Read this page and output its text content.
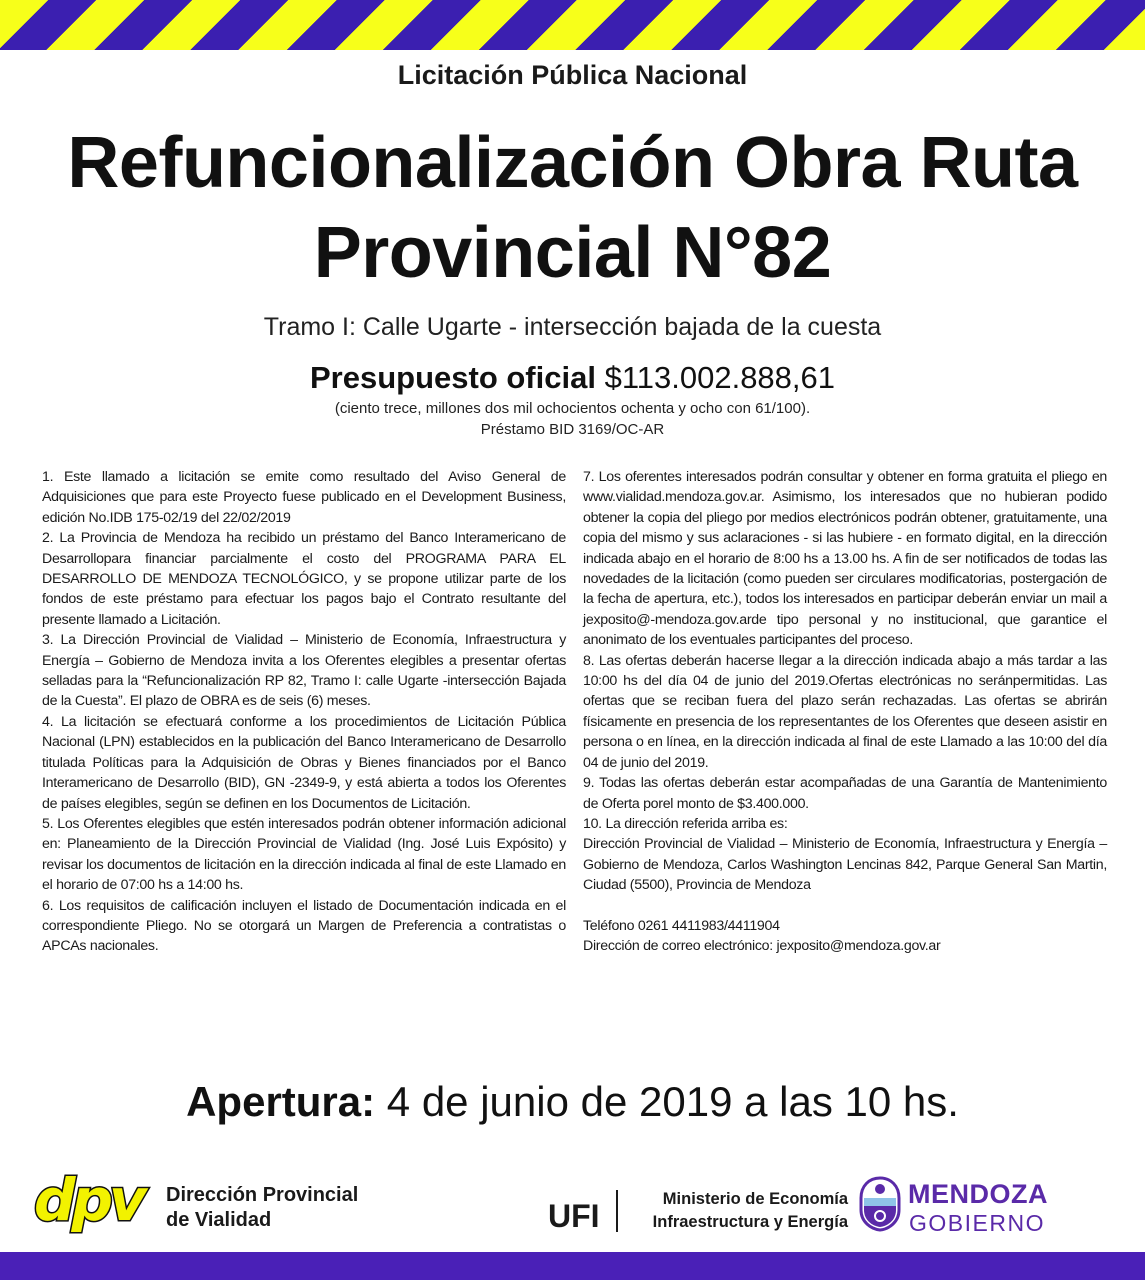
Licitación Pública Nacional
Refuncionalización Obra Ruta
Provincial N°82
Tramo I: Calle Ugarte - intersección bajada de la cuesta
Presupuesto oficial $113.002.888,61
(ciento trece, millones dos mil ochocientos ochenta y ocho con 61/100).
Préstamo BID 3169/OC-AR

1. Este llamado a licitación se emite como resultado del Aviso General de Adquisiciones que para este Proyecto fuese publicado en el Development Business, edición No.IDB 175-02/19 del 22/02/2019

2. La Provincia de Mendoza ha recibido un préstamo del Banco Interamericano de Desarrollopara financiar parcialmente el costo del PROGRAMA PARA EL DESARROLLO DE MENDOZA TECNOLÓGICO, y se propone utilizar parte de los fondos de este préstamo para efectuar los pagos bajo el Contrato resultante del presente llamado a Licitación.

3. La Dirección Provincial de Vialidad – Ministerio de Economía, Infraestructura y Energía – Gobierno de Mendoza invita a los Oferentes elegibles a presentar ofertas selladas para la “Refuncionalización RP 82, Tramo I: calle Ugarte -intersección Bajada de la Cuesta”. El plazo de OBRA es de seis (6) meses.

4. La licitación se efectuará conforme a los procedimientos de Licitación Pública Nacional (LPN) establecidos en la publicación del Banco Interamericano de Desarrollo titulada Políticas para la Adquisición de Obras y Bienes financiados por el Banco Interamericano de Desarrollo (BID), GN -2349-9, y está abierta a todos los Oferentes de países elegibles, según se definen en los Documentos de Licitación.

5. Los Oferentes elegibles que estén interesados podrán obtener información adicional en: Planeamiento de la Dirección Provincial de Vialidad (Ing. José Luis Expósito) y revisar los documentos de licitación en la dirección indicada al final de este Llamado en el horario de 07:00 hs a 14:00 hs.

6. Los requisitos de calificación incluyen el listado de Documentación indicada en el correspondiente Pliego. No se otorgará un Margen de Preferencia a contratistas o APCAs nacionales.

7. Los oferentes interesados podrán consultar y obtener en forma gratuita el pliego en www.vialidad.mendoza.gov.ar. Asimismo, los interesados que no hubieran podido obtener la copia del pliego por medios electrónicos podrán obtener, gratuitamente, una copia del mismo y sus aclaraciones - si las hubiere - en formato digital, en la dirección indicada abajo en el horario de 8:00 hs a 13.00 hs. A fin de ser notificados de todas las novedades de la licitación (como pueden ser circulares modificatorias, postergación de la fecha de apertura, etc.), todos los interesados en participar deberán enviar un mail a jexposito@-mendoza.gov.arde tipo personal y no institucional, que garantice el anonimato de los eventuales participantes del proceso.

8. Las ofertas deberán hacerse llegar a la dirección indicada abajo a más tardar a las 10:00 hs del día 04 de junio del 2019.Ofertas electrónicas no seránpermitidas. Las ofertas que se reciban fuera del plazo serán rechazadas. Las ofertas se abrirán físicamente en presencia de los representantes de los Oferentes que deseen asistir en persona o en línea, en la dirección indicada al final de este Llamado a las 10:00 del día 04 de junio del 2019.

9. Todas las ofertas deberán estar acompañadas de una Garantía de Mantenimiento de Oferta porel monto de $3.400.000.

10. La dirección referida arriba es:

Dirección Provincial de Vialidad – Ministerio de Economía, Infraestructura y Energía –Gobierno de Mendoza, Carlos Washington Lencinas 842, Parque General San Martin, Ciudad (5500), Provincia de Mendoza

Teléfono 0261 4411983/4411904

Dirección de correo electrónico: jexposito@mendoza.gov.ar

Apertura: 4 de junio de 2019 a las 10 hs.
dpv	Dirección Provincial
de Vialidad	UFI	Ministerio de Economía
Infraestructura y Energía
MENDOZA
GOBIERNO
